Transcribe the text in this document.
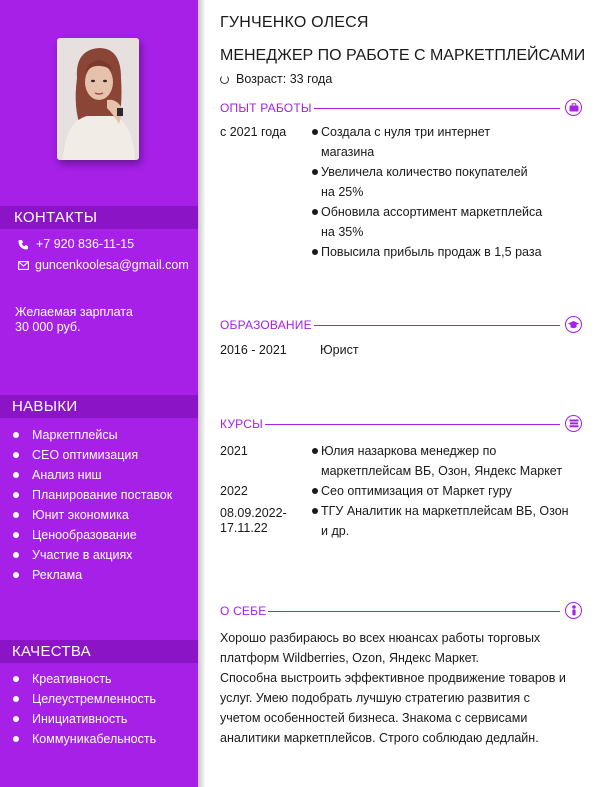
КОНТАКТЫ
+7 920 836-11-15
guncenkoolesa@gmail.com
Желаемая зарплата
30 000 руб.
НАВЫКИ
Маркетплейсы
СЕО оптимизация
Анализ ниш
Планирование поставок
Юнит экономика
Ценообразование
Участие в акциях
Реклама
КАЧЕСТВА
Креативность
Целеустремленность
Инициативность
Коммуникабельность
ГУНЧЕНКО ОЛЕСЯ
МЕНЕДЖЕР ПО РАБОТЕ С МАРКЕТПЛЕЙСАМИ
Возраст: 33 года
ОПЫТ РАБОТЫ
с 2021 года	Создала с нуля три интернет
магазина
Увеличела количество покупателей
на 25%
Обновила ассортимент маркетплейса
на 35%
Повысила прибыль продаж в 1,5 раза
ОБРАЗОВАНИЕ
2016 - 2021	Юрист
КУРСЫ
2021
2022
08.09.2022-
17.11.22
Юлия назаркова менеджер по
маркетплейсам ВБ, Озон, Яндекс Маркет
Сео оптимизация от Маркет гуру
ТГУ Аналитик на маркетплейсам ВБ, Озон
и др.
О СЕБЕ

Хорошо разбираюсь во всех нюансах работы торговых
платформ Wildberries, Ozon, Яндекс Маркет.
Способна выстроить эффективное продвижение товаров и
услуг. Умею подобрать лучшую стратегию развития с
учетом особенностей бизнеса. Знакома с сервисами
аналитики маркетплейсов. Строго соблюдаю дедлайн.
